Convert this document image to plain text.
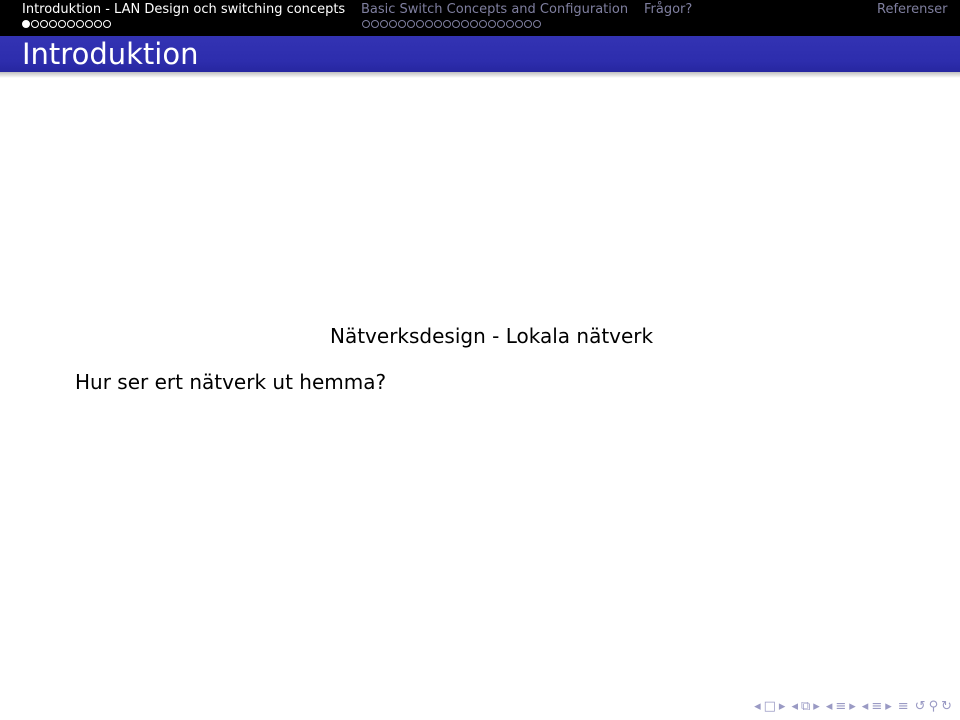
Introduktion - LAN Design och switching concepts Basic Switch Concepts and Configuration Frågor?	Referenser
Introduktion
Nätverksdesign - Lokala nätverk
Hur ser ert nätverk ut hemma?
◂ □ ▸ ◂ ⧉ ▸ ◂ ≡ ▸ ◂ ≡ ▸ ≡ ↺ ⚲ ↻
